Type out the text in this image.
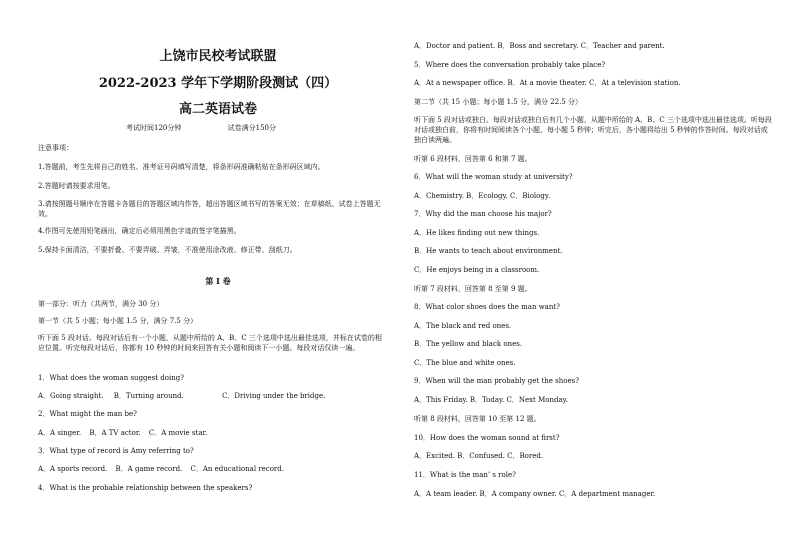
上饶市民校考试联盟
2022-2023 学年下学期阶段测试（四）
高二英语试卷
考试时间120分钟	试卷满分150分
注意事项：
1.答题前，考生先将自己的姓名、准考证号码填写清楚，将条形码准确粘贴在条形码区域内。
2.答题时请按要求用笔。
3.请按照题号顺序在答题卡各题目的答题区域内作答，超出答题区域书写的答案无效；在草稿纸、试卷上答题无效。
4.作图可先使用铅笔画出，确定后必须用黑色字迹的签字笔描黑。
5.保持卡面清洁，不要折叠、不要弄破、弄皱，不准使用涂改液、修正带、刮纸刀。
第 I 卷
第一部分：听力（共两节，满分 30 分）
第一节（共 5 小题；每小题 1.5 分，满分 7.5 分）
听下面 5 段对话。每段对话后有一个小题，从题中所给的 A、B、C 三个选项中选出最佳选项，并标在试卷的相应位置。听完每段对话后，你都有 10 秒钟的时间来回答有关小题和阅读下一小题。每段对话仅读一遍。
1．What does the woman suggest doing?
A．Going straight. B．Turning around.	C．Driving under the bridge.
2．What might the man be?
A．A singer. B．A TV actor. C．A movie star.
3．What type of record is Amy referring to?
A．A sports record. B．A game record. C．An educational record.
4．What is the probable relationship between the speakers?
A．Doctor and patient. B．Boss and secretary. C．Teacher and parent.
5．Where does the conversation probably take place?
A．At a newspaper office. B．At a movie theater. C．At a television station.
第二节（共 15 小题；每小题 1.5 分，满分 22.5 分）
听下面 5 段对话或独白。每段对话或独白后有几个小题，从题中所给的 A、B、C 三个选项中选出最佳选项。听每段对话或独白前，你将有时间阅读各个小题，每小题 5 秒钟；听完后，各小题将给出 5 秒钟的作答时间。每段对话或独白读两遍。
听第 6 段材料，回答第 6 和第 7 题。
6．What will the woman study at university?
A．Chemistry. B．Ecology. C．Biology.
7．Why did the man choose his major?
A．He likes finding out new things.
B．He wants to teach about environment.
C．He enjoys being in a classroom.
听第 7 段材料，回答第 8 至第 9 题。
8．What color shoes does the man want?
A．The black and red ones.
B．The yellow and black ones.
C．The blue and white ones.
9．When will the man probably get the shoes?
A．This Friday. B．Today. C．Next Monday.
听第 8 段材料，回答第 10 至第 12 题。
10．How does the woman sound at first?
A．Excited. B．Confused. C．Bored.
11．What is the man’ s role?
A．A team leader. B．A company owner. C．A department manager.
